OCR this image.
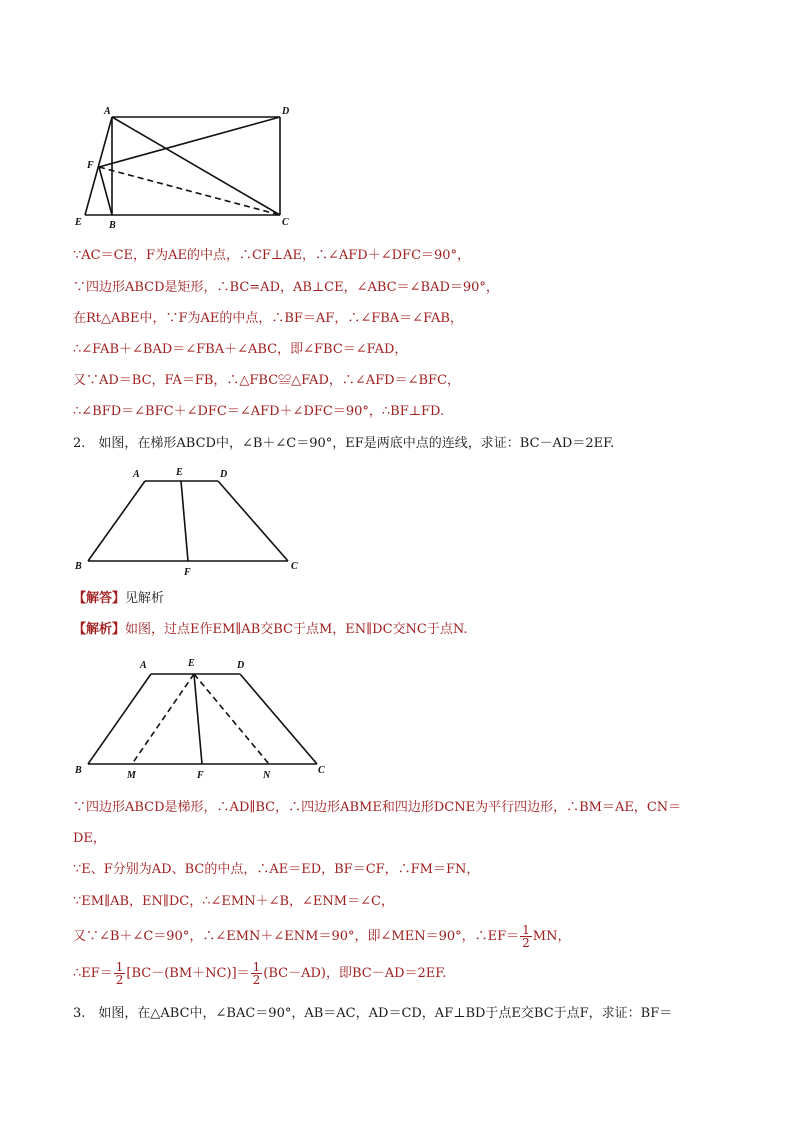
A	D
F
E	B	C
∵AC＝CE，F为AE的中点，∴CF⊥AE，∴∠AFD＋∠DFC＝90°，
∵四边形ABCD是矩形，∴BC=AD，AB⊥CE，∠ABC＝∠BAD＝90°，
在Rt△ABE中，∵F为AE的中点，∴BF＝AF，∴∠FBA＝∠FAB，
∴∠FAB＋∠BAD＝∠FBA＋∠ABC，即∠FBC＝∠FAD，
又∵AD＝BC，FA＝FB，∴△FBC≌△FAD，∴∠AFD＝∠BFC，
∴∠BFD＝∠BFC＋∠DFC＝∠AFD＋∠DFC＝90°，∴BF⊥FD.
2.　如图，在梯形ABCD中，∠B＋∠C＝90°，EF是两底中点的连线，求证：BC－AD＝2EF.
A	E	D
B
F
C
【解答】见解析
【解析】如图，过点E作EM∥AB交BC于点M，EN∥DC交NC于点N.
A	E	D
B	M	F	N	C
∵四边形ABCD是梯形，∴AD∥BC，∴四边形ABME和四边形DCNE为平行四边形，∴BM＝AE，CN＝
DE，
∵E、F分别为AD、BC的中点，∴AE＝ED，BF＝CF，∴FM＝FN，
∵EM∥AB，EN∥DC，∴∠EMN＋∠B，∠ENM＝∠C，
又∵∠B＋∠C＝90°，∴∠EMN＋∠ENM＝90°，即∠MEN＝90°，∴EF＝ $\frac{1}{2}$ MN，
∴EF＝ $\frac{1}{2} [BC-(BM+NC)]= \frac{1}{2} (BC-AD)$，即BC－AD＝2EF.
3.　如图，在△ABC中，∠BAC＝90°，AB＝AC，AD＝CD，AF⊥BD于点E交BC于点F，求证：BF＝
